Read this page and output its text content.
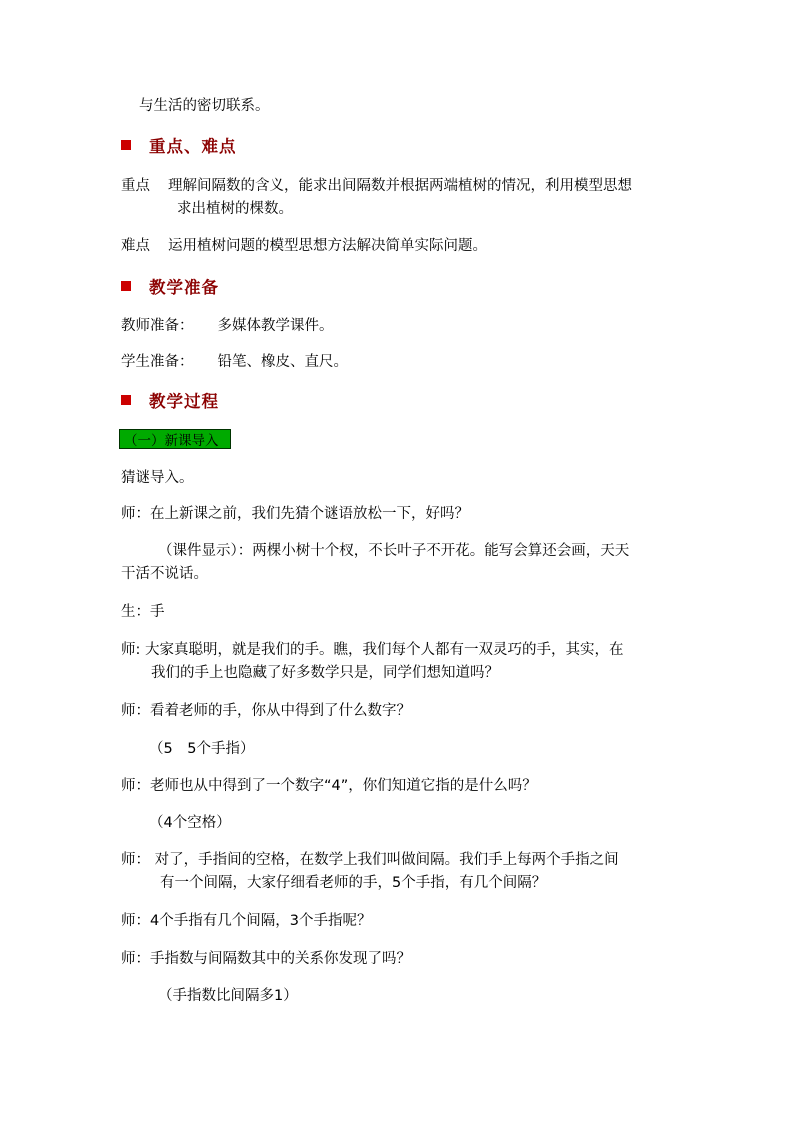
与生活的密切联系。
重点、难点
重点 理解间隔数的含义，能求出间隔数并根据两端植树的情况，利用模型思想
求出植树的棵数。
难点 运用植树问题的模型思想方法解决简单实际问题。
教学准备
教师准备： 多媒体教学课件。
学生准备： 铅笔、橡皮、直尺。
教学过程
（一）新课导入
猜谜导入。
师：在上新课之前，我们先猜个谜语放松一下，好吗？
（课件显示）：两棵小树十个杈，不长叶子不开花。能写会算还会画，天天
干活不说话。
生：手
师: 大家真聪明，就是我们的手。瞧，我们每个人都有一双灵巧的手，其实，在
我们的手上也隐藏了好多数学只是，同学们想知道吗？
师：看着老师的手，你从中得到了什么数字？
（5　5个手指）
师：老师也从中得到了一个数字“4”，你们知道它指的是什么吗？
（4个空格）
师： 对了，手指间的空格，在数学上我们叫做间隔。我们手上每两个手指之间
有一个间隔，大家仔细看老师的手，5个手指，有几个间隔？
师：4个手指有几个间隔，3个手指呢？
师：手指数与间隔数其中的关系你发现了吗？
（手指数比间隔多1）
